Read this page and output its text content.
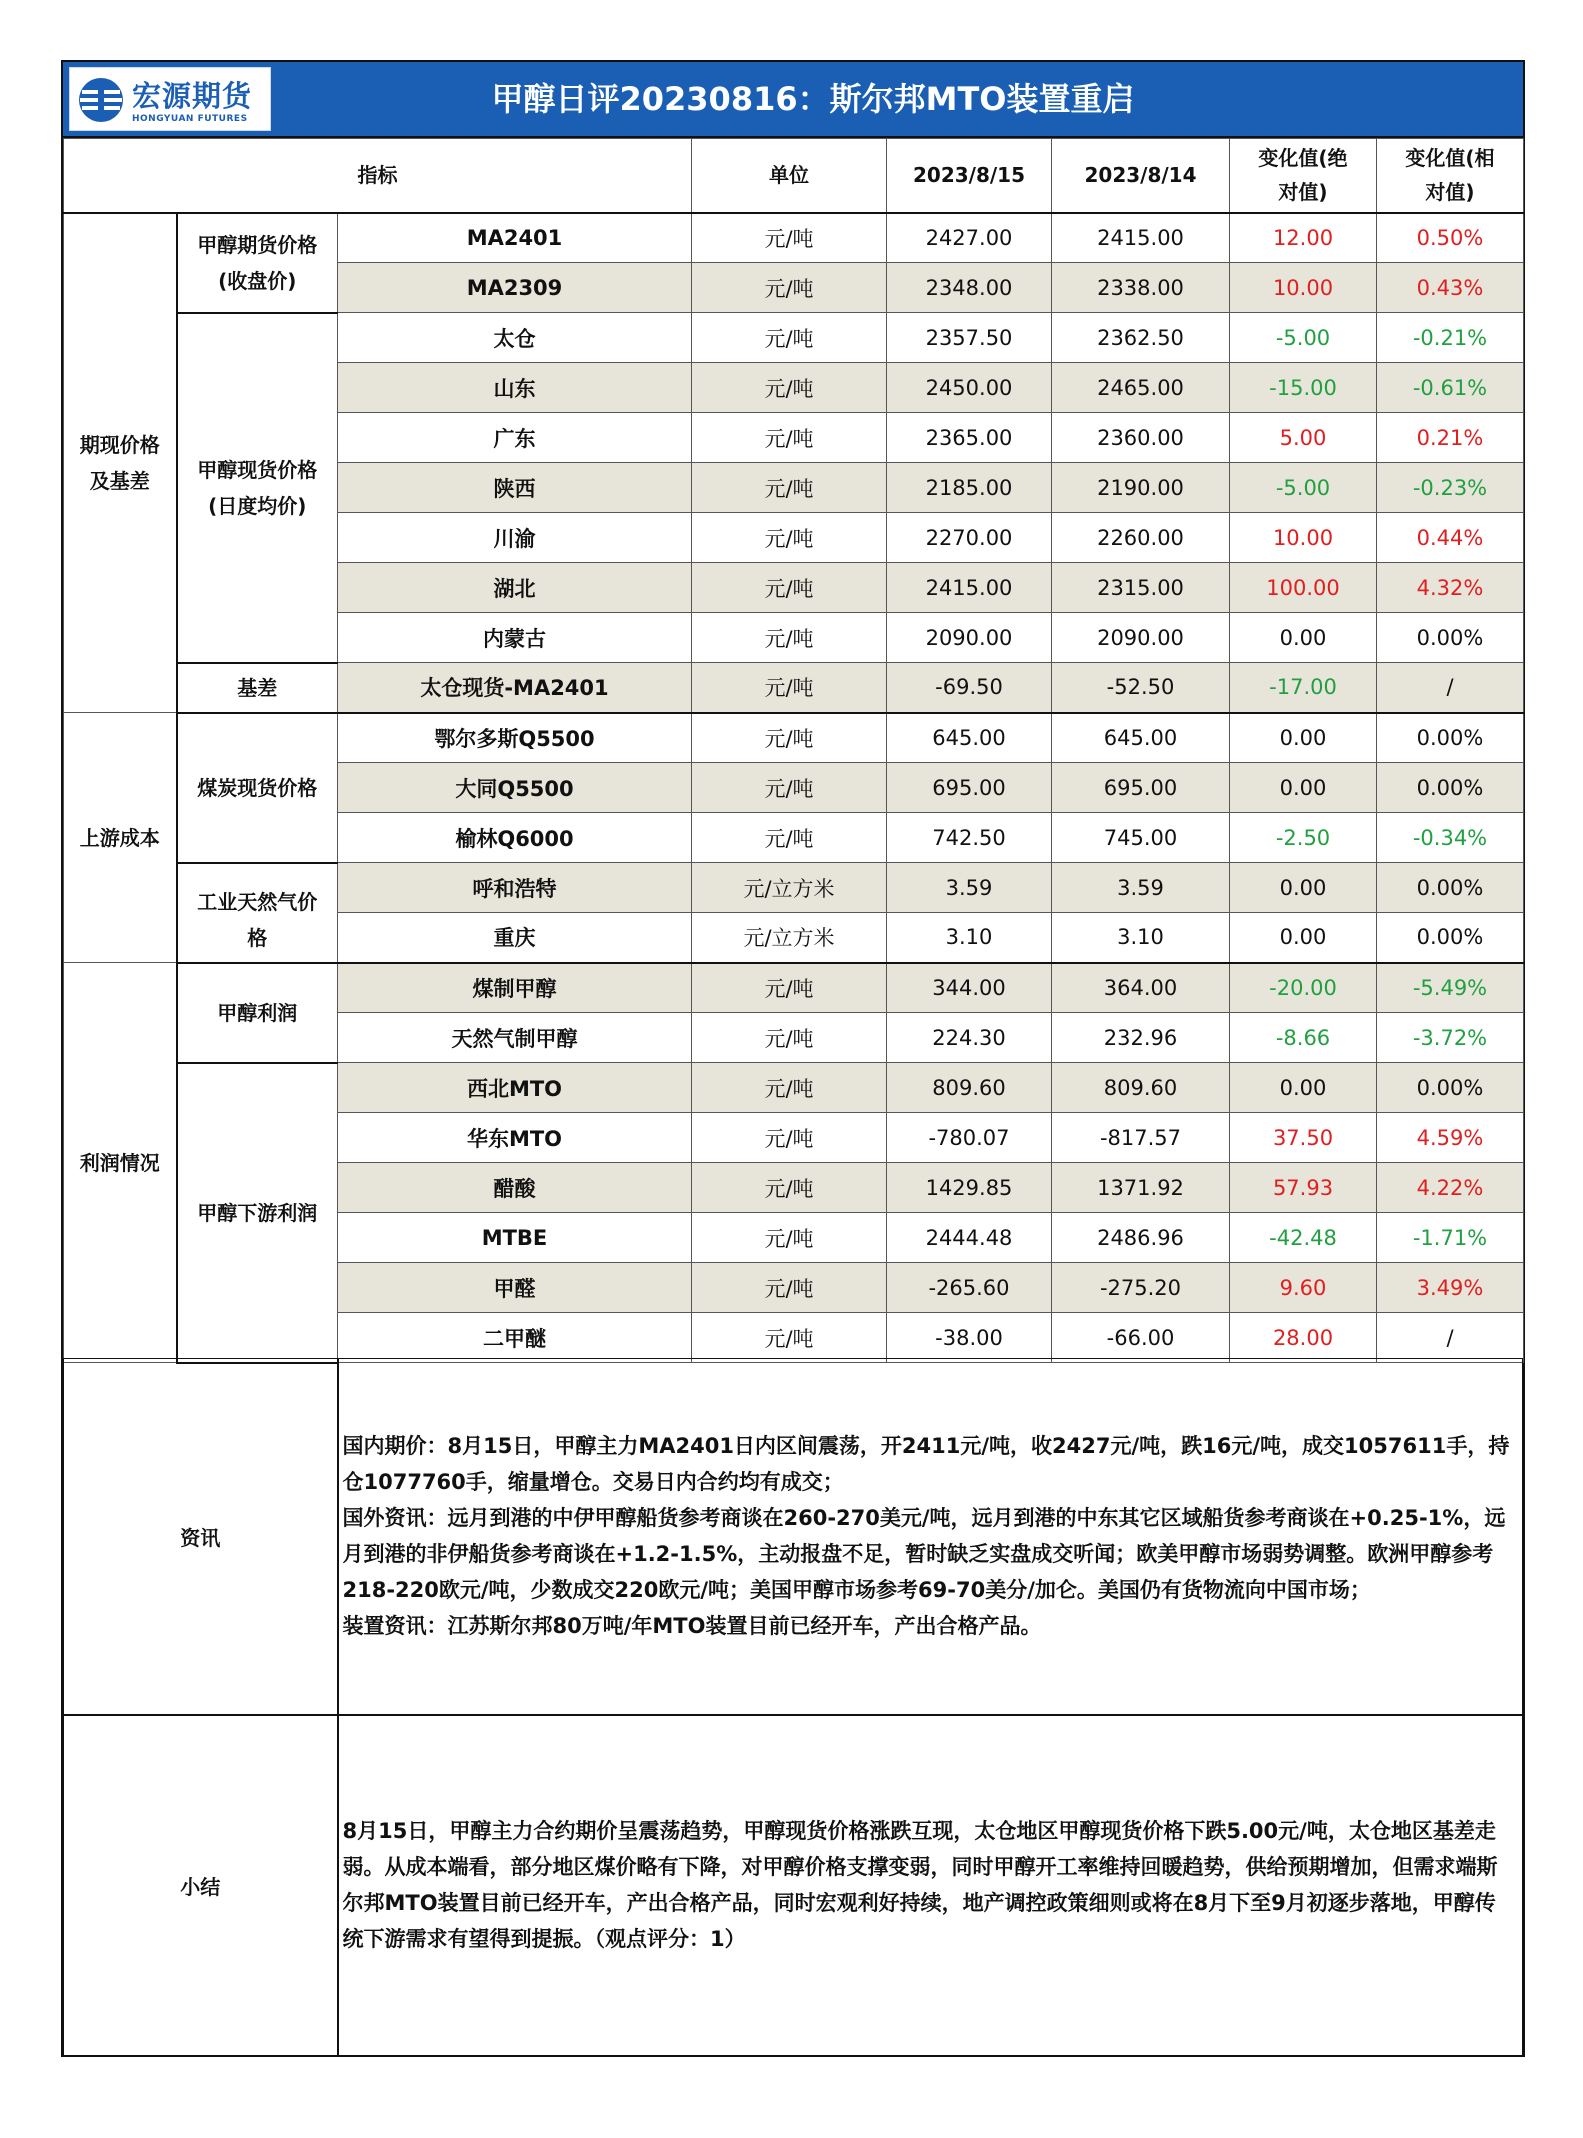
宏源期货
HONGYUAN FUTURES
甲醇日评20230816：斯尔邦MTO装置重启
指标			单位	2023/8/15	2023/8/14	变化值(绝对值)	变化值(相对值)
期现价格及基差	甲醇期货价格(收盘价)	MA2401	元/吨	2427.00	2415.00	12.00	0.50%
		MA2309	元/吨	2348.00	2338.00	10.00	0.43%
	甲醇现货价格(日度均价)	太仓	元/吨	2357.50	2362.50	-5.00	-0.21%
		山东	元/吨	2450.00	2465.00	-15.00	-0.61%
		广东	元/吨	2365.00	2360.00	5.00	0.21%
		陕西	元/吨	2185.00	2190.00	-5.00	-0.23%
		川渝	元/吨	2270.00	2260.00	10.00	0.44%
		湖北	元/吨	2415.00	2315.00	100.00	4.32%
		内蒙古	元/吨	2090.00	2090.00	0.00	0.00%
	基差	太仓现货-MA2401	元/吨	-69.50	-52.50	-17.00	/
上游成本	煤炭现货价格	鄂尔多斯Q5500	元/吨	645.00	645.00	0.00	0.00%
		大同Q5500	元/吨	695.00	695.00	0.00	0.00%
		榆林Q6000	元/吨	742.50	745.00	-2.50	-0.34%
	工业天然气价格	呼和浩特	元/立方米	3.59	3.59	0.00	0.00%
		重庆	元/立方米	3.10	3.10	0.00	0.00%
利润情况	甲醇利润	煤制甲醇	元/吨	344.00	364.00	-20.00	-5.49%
		天然气制甲醇	元/吨	224.30	232.96	-8.66	-3.72%
	甲醇下游利润	西北MTO	元/吨	809.60	809.60	0.00	0.00%
		华东MTO	元/吨	-780.07	-817.57	37.50	4.59%
		醋酸	元/吨	1429.85	1371.92	57.93	4.22%
		MTBE	元/吨	2444.48	2486.96	-42.48	-1.71%
		甲醛	元/吨	-265.60	-275.20	9.60	3.49%
		二甲醚	元/吨	-38.00	-66.00	28.00	/
资讯	国内期价：8月15日，甲醇主力MA2401日内区间震荡，开2411元/吨，收2427元/吨，跌16元/吨，成交1057611手，持仓1077760手，缩量增仓。交易日内合约均有成交；
国外资讯：远月到港的中伊甲醇船货参考商谈在260-270美元/吨，远月到港的中东其它区域船货参考商谈在+0.25-1%，远月到港的非伊船货参考商谈在+1.2-1.5%，主动报盘不足，暂时缺乏实盘成交听闻；欧美甲醇市场弱势调整。欧洲甲醇参考218-220欧元/吨，少数成交220欧元/吨；美国甲醇市场参考69-70美分/加仑。美国仍有货物流向中国市场；
装置资讯：江苏斯尔邦80万吨/年MTO装置目前已经开车，产出合格产品。

小结	8月15日，甲醇主力合约期价呈震荡趋势，甲醇现货价格涨跌互现，太仓地区甲醇现货价格下跌5.00元/吨，太仓地区基差走弱。从成本端看，部分地区煤价略有下降，对甲醇价格支撑变弱，同时甲醇开工率维持回暖趋势，供给预期增加，但需求端斯尔邦MTO装置目前已经开车，产出合格产品，同时宏观利好持续，地产调控政策细则或将在8月下至9月初逐步落地，甲醇传统下游需求有望得到提振。（观点评分：1）
